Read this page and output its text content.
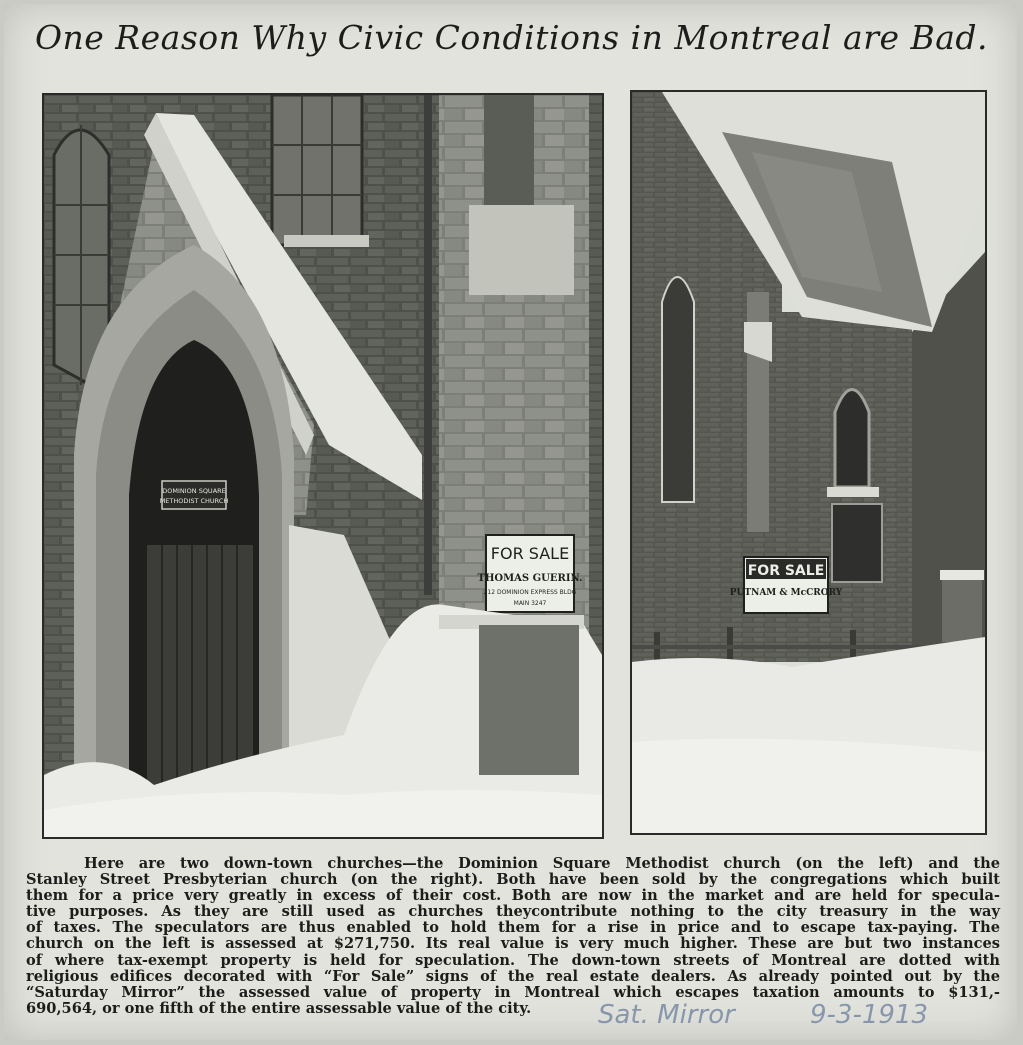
One Reason Why Civic Conditions in Montreal are Bad.
DOMINION SQUARE
METHODIST CHURCH
FOR SALE
THOMAS GUERIN.
212 DOMINION EXPRESS BLDG
MAIN 3247
FOR SALE
PUTNAM & McCRORY
Here are two down-town churches—the Dominion Square Methodist church (on the left) and the
Stanley Street Presbyterian church (on the right). Both have been sold by the congregations which built
them for a price very greatly in excess of their cost. Both are now in the market and are held for specula-
tive purposes. As they are still used as churches theycontribute nothing to the city treasury in the way
of taxes. The speculators are thus enabled to hold them for a rise in price and to escape tax-paying. The
church on the left is assessed at $271,750. Its real value is very much higher. These are but two instances
of where tax-exempt property is held for speculation. The down-town streets of Montreal are dotted with
religious edifices decorated with “For Sale” signs of the real estate dealers. As already pointed out by the
“Saturday Mirror” the assessed value of property in Montreal which escapes taxation amounts to $131,-
690,564, or one fifth of the entire assessable value of the city.	Sat. Mirror	9-3-1913
